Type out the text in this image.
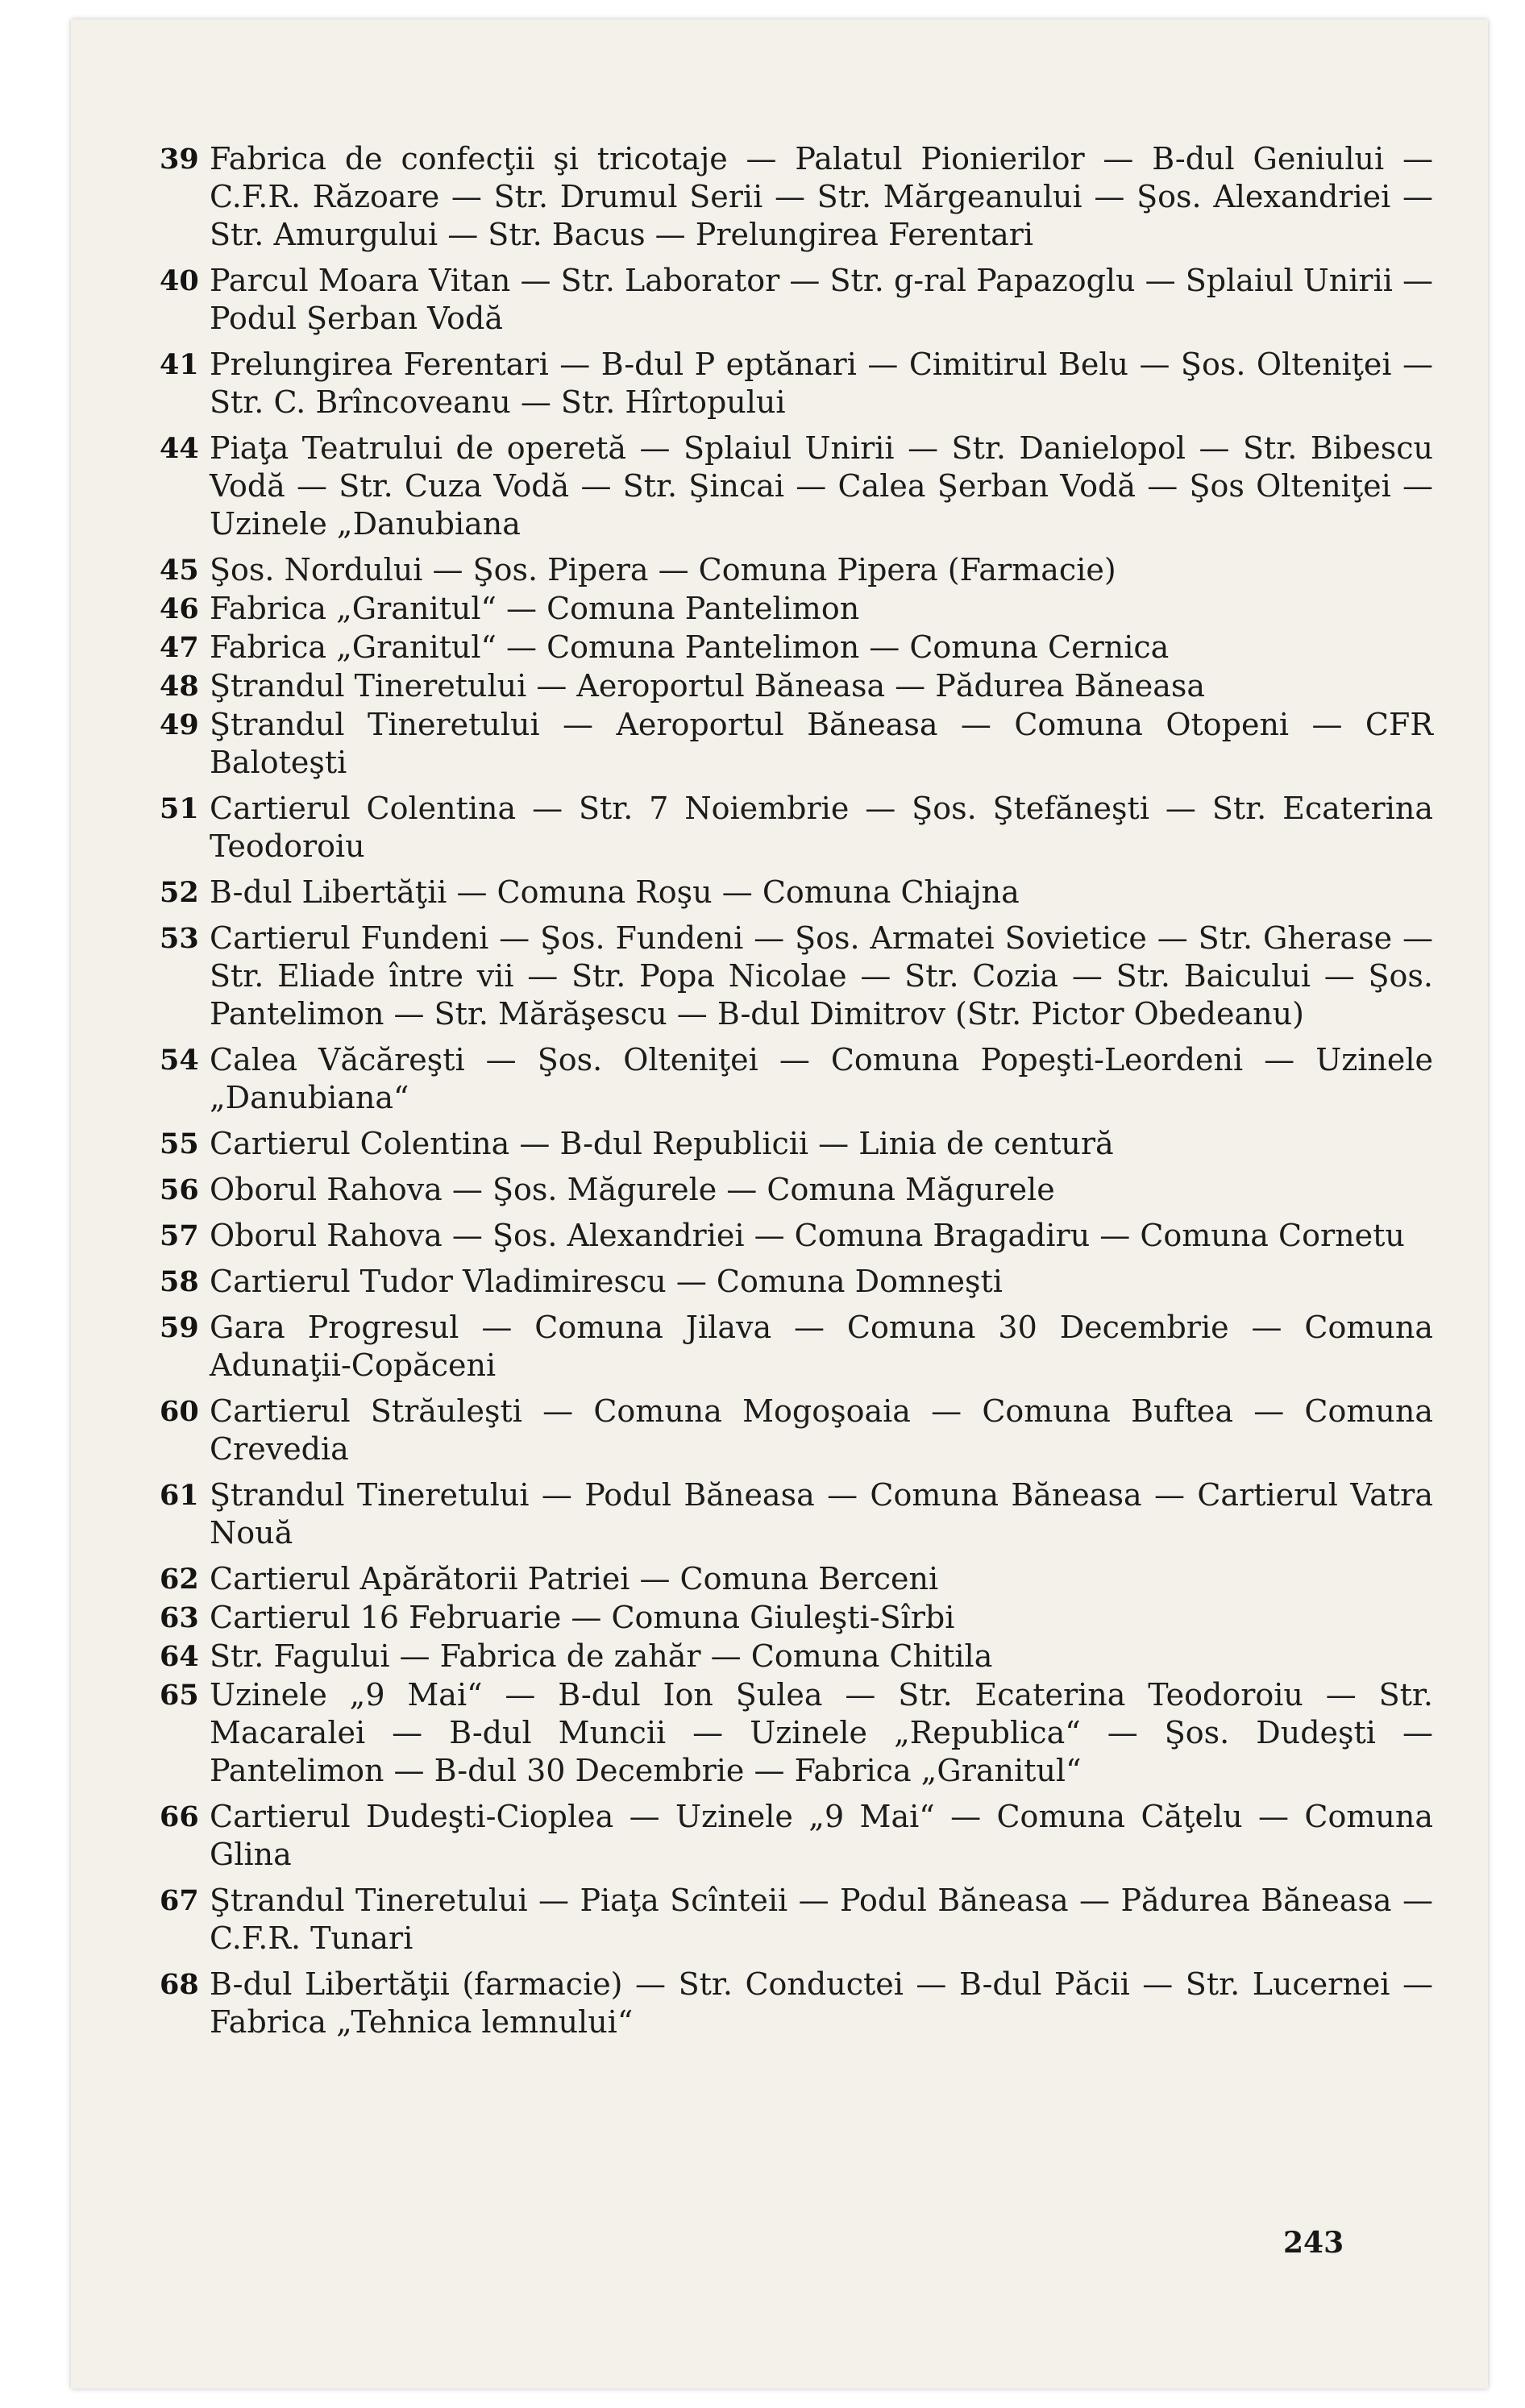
39 Fabrica de confecţii şi tricotaje — Palatul Pionierilor — B-dul Geniului — C.F.R. Răzoare — Str. Drumul Serii — Str. Mărgeanului — Şos. Alexandriei — Str. Amurgului — Str. Bacus — Prelungirea Ferentari
40 Parcul Moara Vitan — Str. Laborator — Str. g-ral Papazoglu — Splaiul Unirii — Podul Şerban Vodă
41 Prelungirea Ferentari — B-dul P eptănari — Cimitirul Belu — Şos. Olteniţei — Str. C. Brîncoveanu — Str. Hîrtopului
44 Piaţa Teatrului de operetă — Splaiul Unirii — Str. Danielopol — Str. Bibescu Vodă — Str. Cuza Vodă — Str. Şincai — Calea Şerban Vodă — Şos Olteniţei — Uzinele „Danubiana
45 Şos. Nordului — Şos. Pipera — Comuna Pipera (Farmacie)
46 Fabrica „Granitul“ — Comuna Pantelimon
47 Fabrica „Granitul“ — Comuna Pantelimon — Comuna Cernica
48 Ştrandul Tineretului — Aeroportul Băneasa — Pădurea Băneasa
49 Ştrandul Tineretului — Aeroportul Băneasa — Comuna Otopeni — CFR Baloteşti
51 Cartierul Colentina — Str. 7 Noiembrie — Şos. Ştefăneşti — Str. Ecaterina Teodoroiu
52 B-dul Libertăţii — Comuna Roşu — Comuna Chiajna
53 Cartierul Fundeni — Şos. Fundeni — Şos. Armatei Sovietice — Str. Gherase — Str. Eliade între vii — Str. Popa Nicolae — Str. Cozia — Str. Baicului — Şos. Pantelimon — Str. Mărăşescu — B-dul Dimitrov (Str. Pictor Obedeanu)
54 Calea Văcăreşti — Şos. Olteniţei — Comuna Popeşti-Leordeni — Uzinele „Danubiana“
55 Cartierul Colentina — B-dul Republicii — Linia de centură
56 Oborul Rahova — Şos. Măgurele — Comuna Măgurele
57 Oborul Rahova — Şos. Alexandriei — Comuna Bragadiru — Comuna Cornetu
58 Cartierul Tudor Vladimirescu — Comuna Domneşti
59 Gara Progresul — Comuna Jilava — Comuna 30 Decembrie — Comuna Adunaţii-Copăceni
60 Cartierul Străuleşti — Comuna Mogoşoaia — Comuna Buftea — Comuna Crevedia
61 Ştrandul Tineretului — Podul Băneasa — Comuna Băneasa — Cartierul Vatra Nouă
62 Cartierul Apărătorii Patriei — Comuna Berceni
63 Cartierul 16 Februarie — Comuna Giuleşti-Sîrbi
64 Str. Fagului — Fabrica de zahăr — Comuna Chitila
65 Uzinele „9 Mai“ — B-dul Ion Şulea — Str. Ecaterina Teodoroiu — Str. Macaralei — B-dul Muncii — Uzinele „Republica“ — Şos. Dudeşti — Pantelimon — B-dul 30 Decembrie — Fabrica „Granitul“
66 Cartierul Dudeşti-Cioplea — Uzinele „9 Mai“ — Comuna Căţelu — Comuna Glina
67 Ştrandul Tineretului — Piaţa Scînteii — Podul Băneasa — Pădurea Băneasa — C.F.R. Tunari
68 B-dul Libertăţii (farmacie) — Str. Conductei — B-dul Păcii — Str. Lucernei — Fabrica „Tehnica lemnului“
243
